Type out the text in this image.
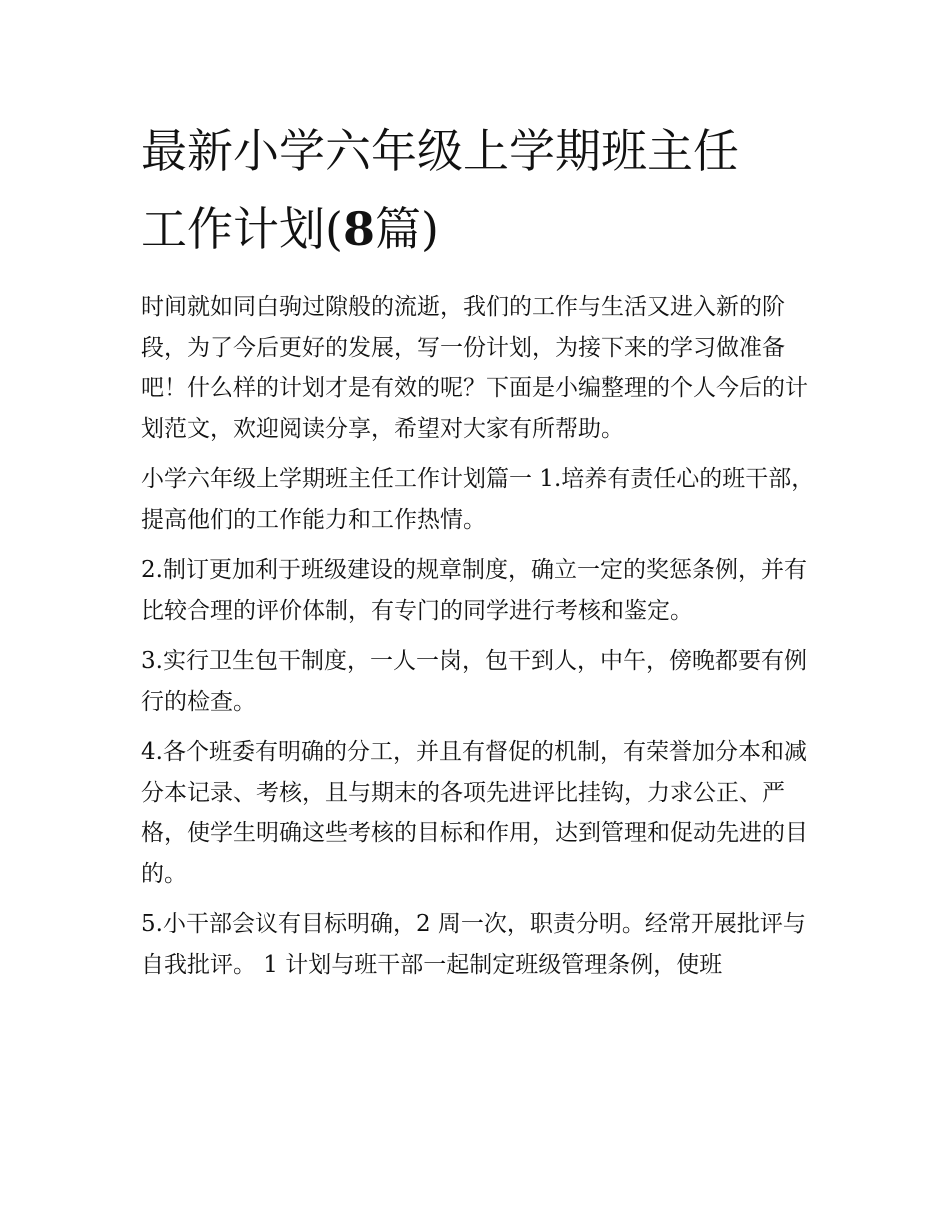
最新小学六年级上学期班主任
工作计划(8篇)

时间就如同白驹过隙般的流逝，我们的工作与生活又进入新的阶段，为了今后更好的发展，写一份计划，为接下来的学习做准备吧！什么样的计划才是有效的呢？下面是小编整理的个人今后的计划范文，欢迎阅读分享，希望对大家有所帮助。

小学六年级上学期班主任工作计划篇一 1.培养有责任心的班干部，提高他们的工作能力和工作热情。

2.制订更加利于班级建设的规章制度，确立一定的奖惩条例，并有比较合理的评价体制，有专门的同学进行考核和鉴定。

3.实行卫生包干制度，一人一岗，包干到人，中午，傍晚都要有例行的检查。

4.各个班委有明确的分工，并且有督促的机制，有荣誉加分本和减分本记录、考核，且与期末的各项先进评比挂钩，力求公正、严格，使学生明确这些考核的目标和作用，达到管理和促动先进的目的。

5.小干部会议有目标明确，2 周一次，职责分明。经常开展批评与自我批评。 1 计划与班干部一起制定班级管理条例，使班
